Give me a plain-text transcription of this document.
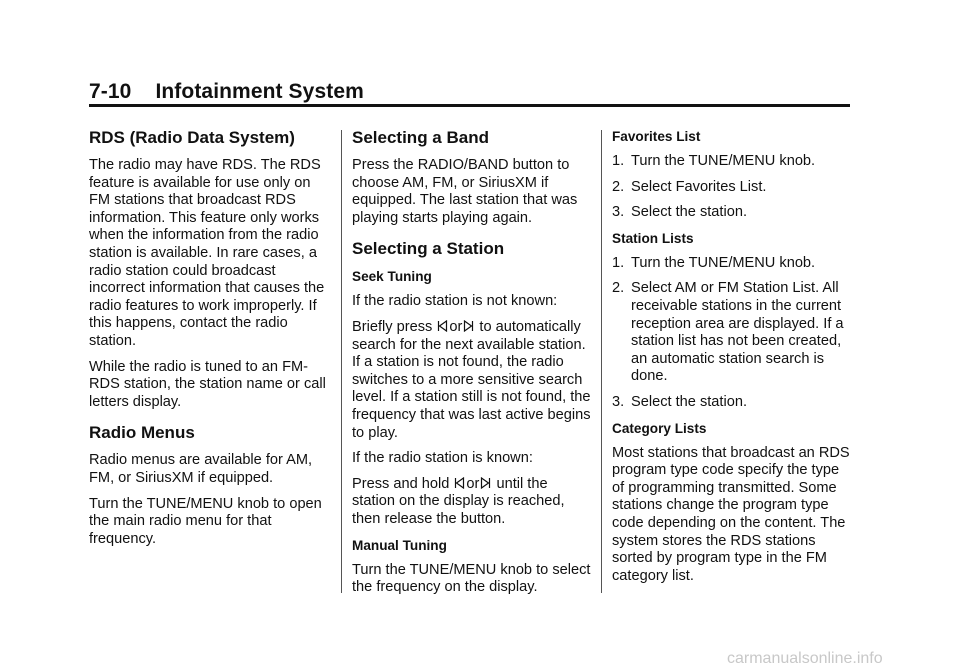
7-10 Infotainment System
RDS (Radio Data System)

The radio may have RDS. The RDS feature is available for use only on FM stations that broadcast RDS information. This feature only works when the information from the radio station is available. In rare cases, a radio station could broadcast incorrect information that causes the radio features to work improperly. If this happens, contact the radio station.

While the radio is tuned to an FM-RDS station, the station name or call letters display.

Radio Menus

Radio menus are available for AM, FM, or SiriusXM if equipped.

Turn the TUNE/MENU knob to open the main radio menu for that frequency.

Selecting a Band

Press the RADIO/BAND button to choose AM, FM, or SiriusXM if equipped. The last station that was playing starts playing again.

Selecting a Station
Seek Tuning

If the radio station is not known:

Briefly press or to automatically search for the next available station. If a station is not found, the radio switches to a more sensitive search level. If a station still is not found, the frequency that was last active begins to play.

If the radio station is known:

Press and hold or until the station on the display is reached, then release the button.

Manual Tuning

Turn the TUNE/MENU knob to select the frequency on the display.

Favorites List
1. Turn the TUNE/MENU knob.
2. Select Favorites List.
3. Select the station.
Station Lists
1. Turn the TUNE/MENU knob.
2. Select AM or FM Station List. All receivable stations in the current reception area are displayed. If a station list has not been created, an automatic station search is done.
3. Select the station.
Category Lists

Most stations that broadcast an RDS program type code specify the type of programming transmitted. Some stations change the program type code depending on the content. The system stores the RDS stations sorted by program type in the FM category list.

carmanualsonline.info
